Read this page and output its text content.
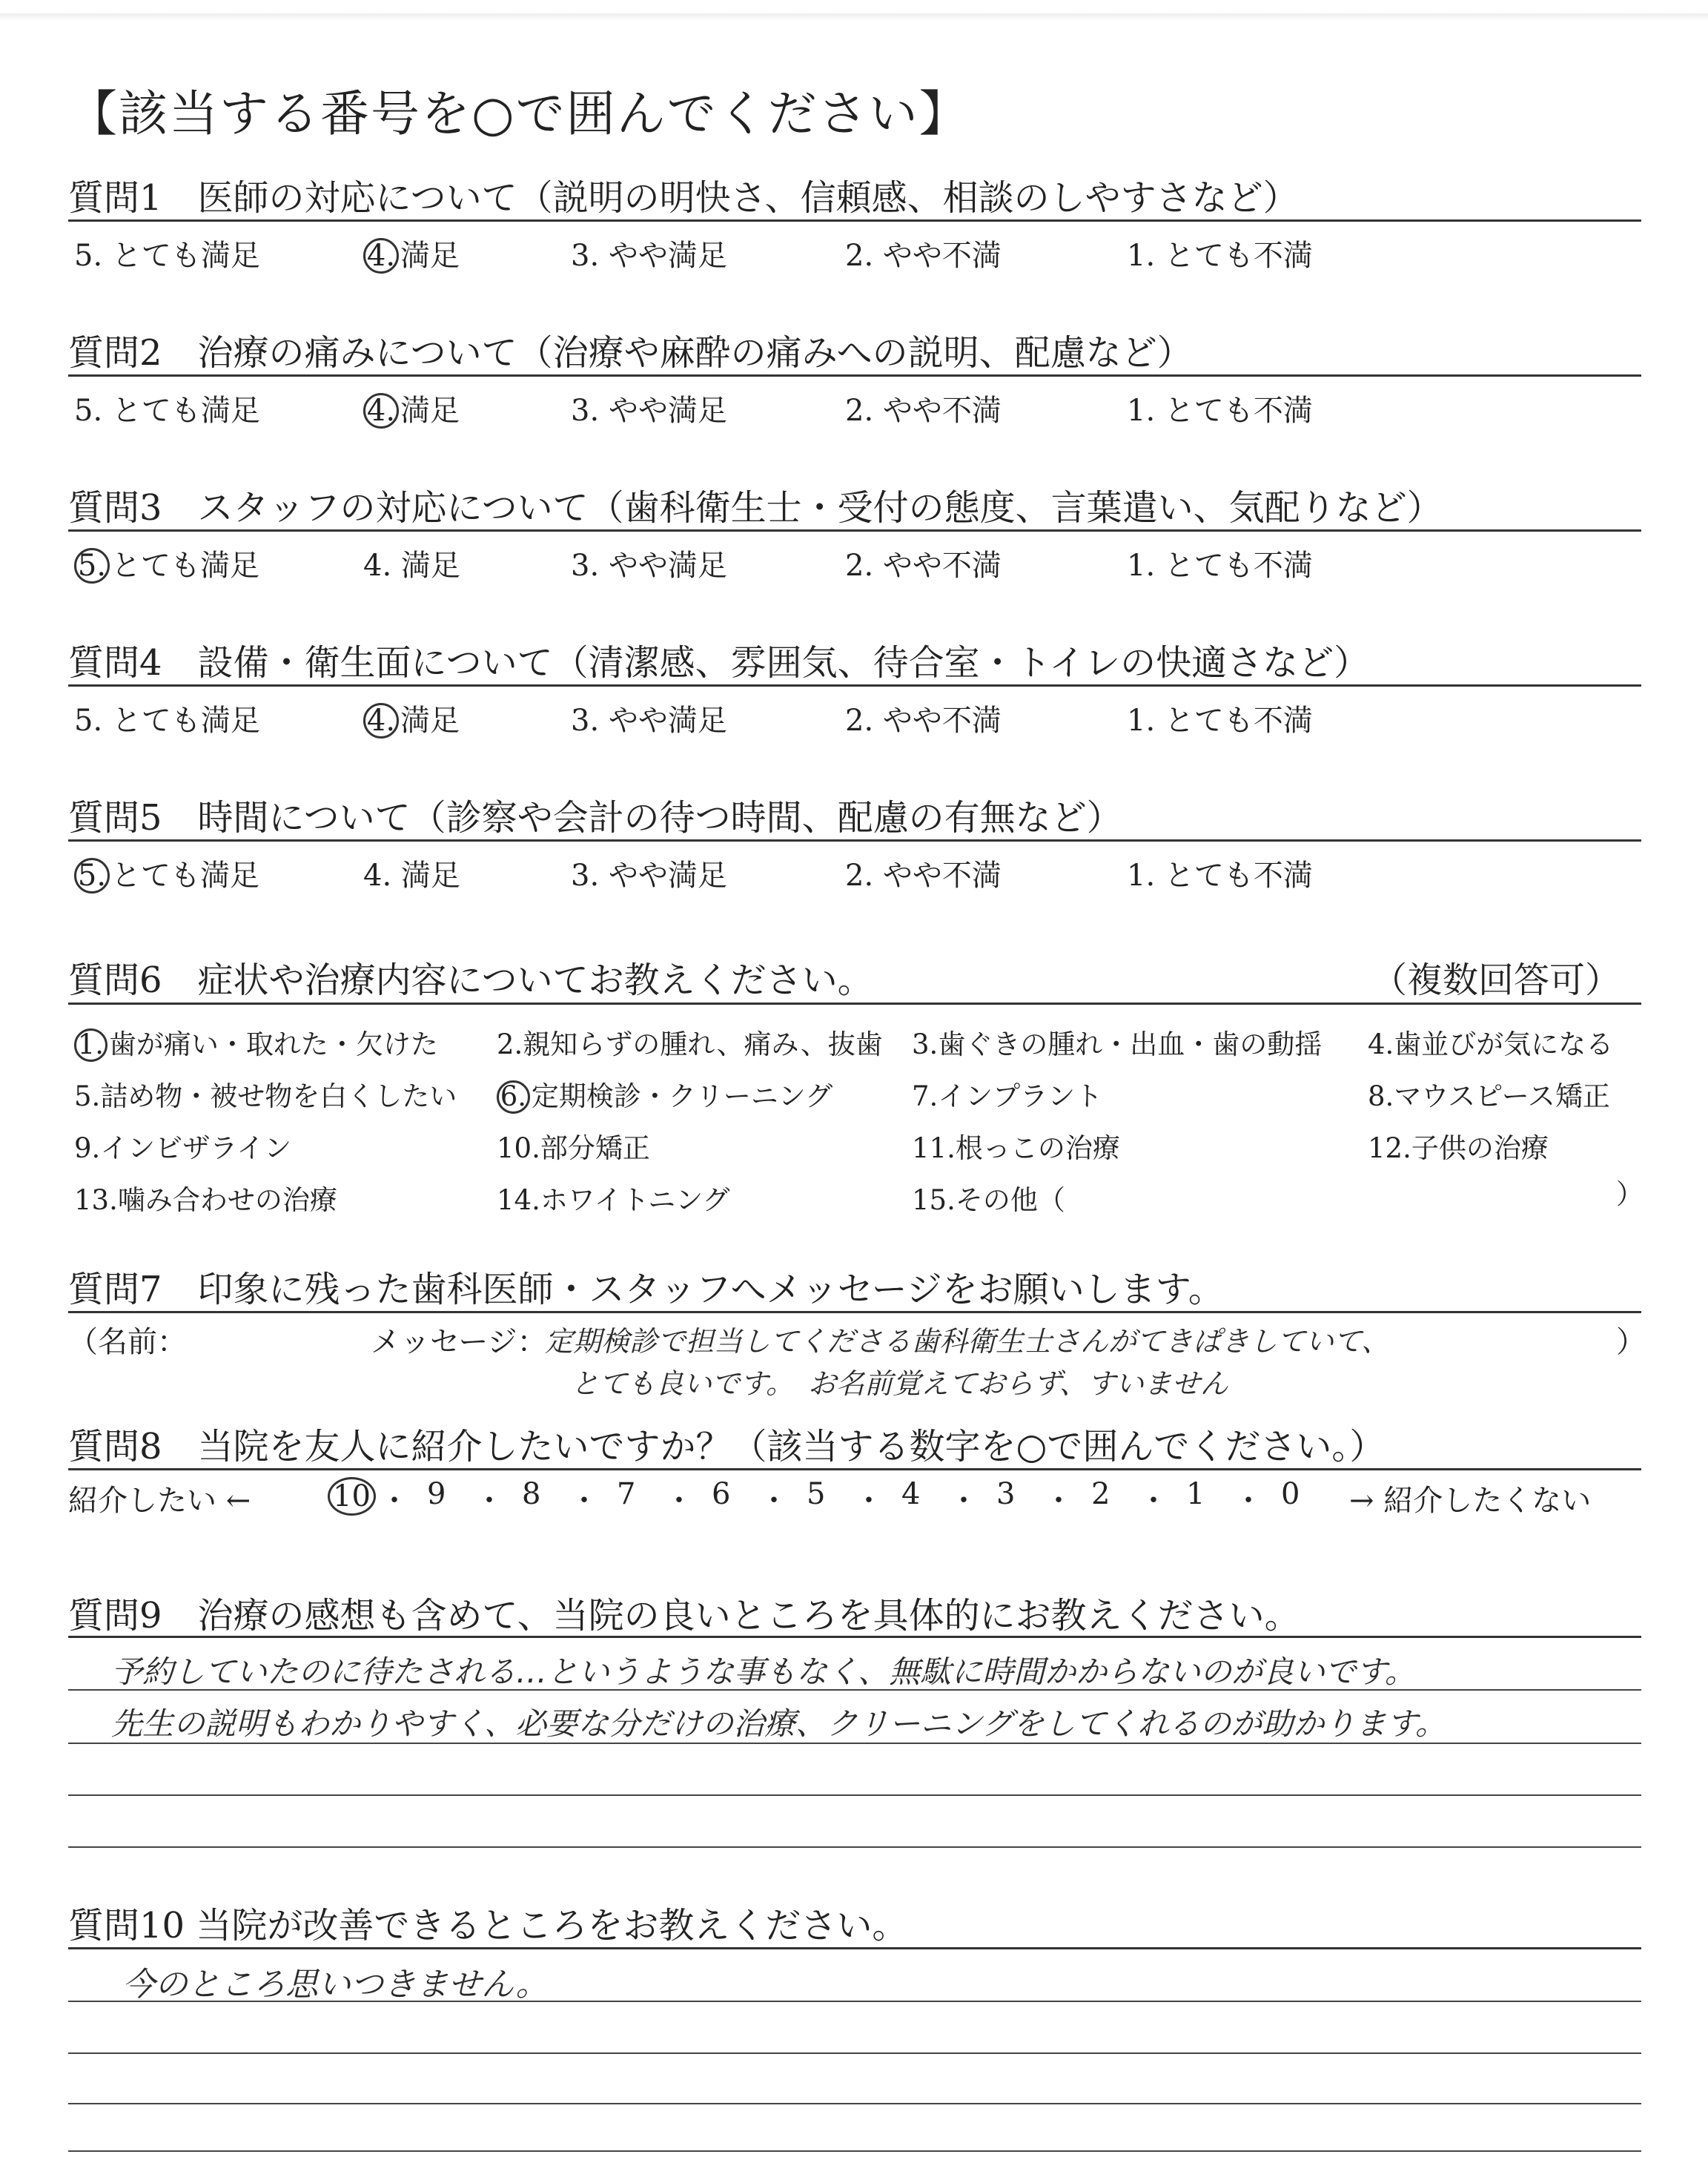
【該当する番号を○で囲んでください】
質問1　医師の対応について（説明の明快さ、信頼感、相談のしやすさなど）
5. とても満足	4. 満足	3. やや満足	2. やや不満	1. とても不満
質問2　治療の痛みについて（治療や麻酔の痛みへの説明、配慮など）
5. とても満足	4. 満足	3. やや満足	2. やや不満	1. とても不満
質問3　スタッフの対応について（歯科衛生士・受付の態度、言葉遣い、気配りなど）
5. とても満足	4. 満足	3. やや満足	2. やや不満	1. とても不満
質問4　設備・衛生面について（清潔感、雰囲気、待合室・トイレの快適さなど）
5. とても満足	4. 満足	3. やや満足	2. やや不満	1. とても不満
質問5　時間について（診察や会計の待つ時間、配慮の有無など）
5. とても満足	4. 満足	3. やや満足	2. やや不満	1. とても不満
質問6　症状や治療内容についてお教えください。	（複数回答可）
1. 歯が痛い・取れた・欠けた 2.親知らずの腫れ、痛み、抜歯 3.歯ぐきの腫れ・出血・歯の動揺 4.歯並びが気になる
5.詰め物・被せ物を白くしたい 6. 定期検診・クリーニング	7.インプラント	8.マウスピース矯正
9.インビザライン	10.部分矯正	11.根っこの治療	12.子供の治療
13.噛み合わせの治療	14.ホワイトニング	15.その他（	）
質問7　印象に残った歯科医師・スタッフへメッセージをお願いします。
（名前：	メッセージ：
定期検診で担当してくださる歯科衛生士さんがてきぱきしていて、
とても良いです。　お名前覚えておらず、すいません
）
質問8　当院を友人に紹介したいですか？（該当する数字を○で囲んでください。）
紹介したい ←	→ 紹介したくない
10 ・ 9 ・ 8 ・ 7 ・ 6 ・ 5 ・ 4 ・ 3 ・ 2 ・ 1 ・ 0
質問9　治療の感想も含めて、当院の良いところを具体的にお教えください。
予約していたのに待たされる…というような事もなく、無駄に時間かからないのが良いです。
先生の説明もわかりやすく、必要な分だけの治療、クリーニングをしてくれるのが助かります。
質問10 当院が改善できるところをお教えください。
今のところ思いつきません。
